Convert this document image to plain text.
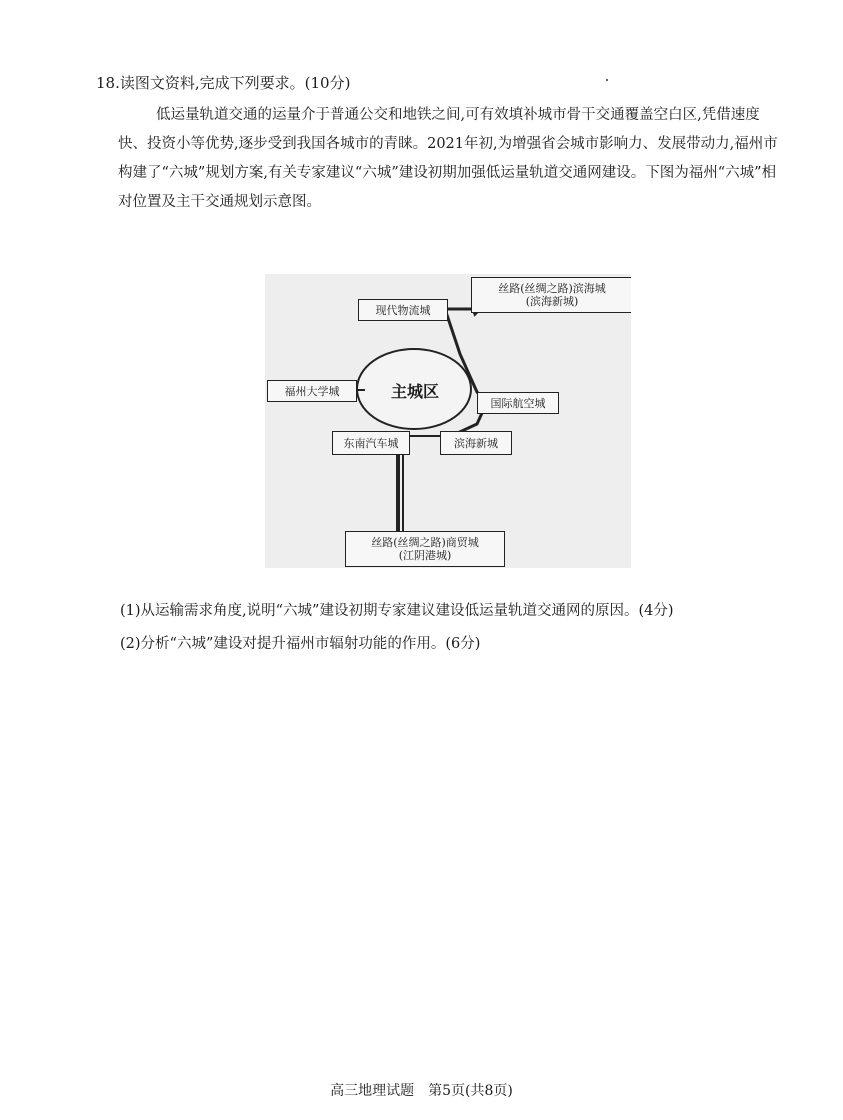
18.读图文资料,完成下列要求。(10分)
低运量轨道交通的运量介于普通公交和地铁之间,可有效填补城市骨干交通覆盖空白区,凭借速度快、投资小等优势,逐步受到我国各城市的青睐。2021年初,为增强省会城市影响力、发展带动力,福州市构建了“六城”规划方案,有关专家建议“六城”建设初期加强低运量轨道交通网建设。下图为福州“六城”相对位置及主干交通规划示意图。
主城区
现代物流城
丝路(丝绸之路)滨海城
(滨海新城)
福州大学城
国际航空城
东南汽车城	滨海新城
丝路(丝绸之路)商贸城
(江阴港城)
(1)从运输需求角度,说明“六城”建设初期专家建议建设低运量轨道交通网的原因。(4分)
(2)分析“六城”建设对提升福州市辐射功能的作用。(6分)
高三地理试题　第5页(共8页)
